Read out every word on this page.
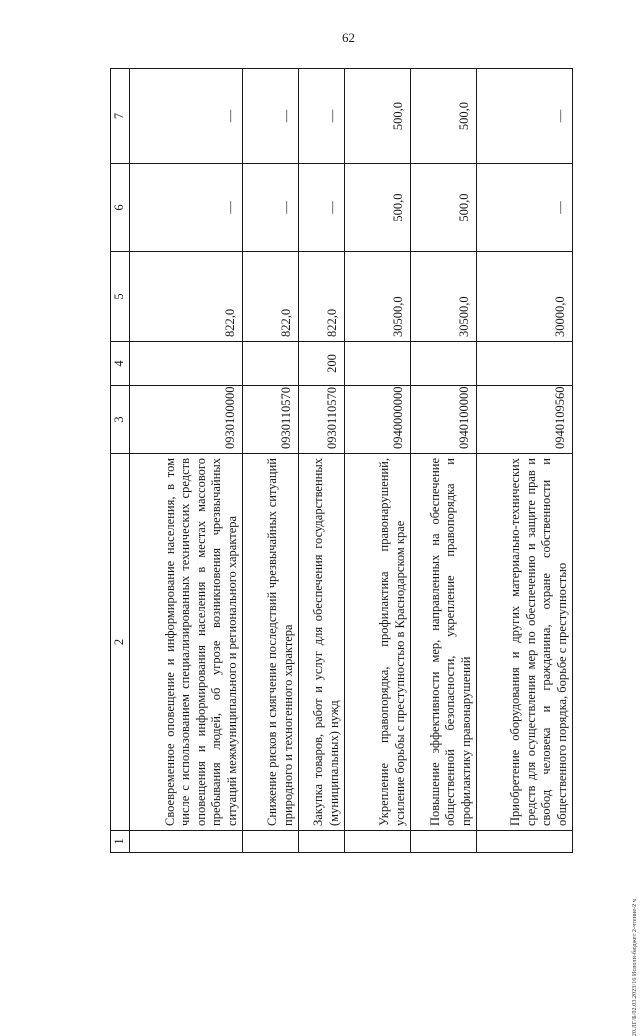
62
1	2	3	4	5	6	7
	Своевременное оповещение и информирование населения, в том числе с использованием специализированных технических средств оповещения и информирования населения в местах массового пребывания людей, об угрозе возникновения чрезвычайных ситуаций межмуниципального и регионального характера	0930100000		822,0	—	—
	Снижение рисков и смягчение последствий чрезвычайных ситуаций природного и техногенного характера	0930110570		822,0	—	—
	Закупка товаров, работ и услуг для обеспечения государственных (муниципальных) нужд	0930110570	200	822,0	—	—
	Укрепление правопорядка, профилактика правонарушений, усиление борьбы с преступностью в Краснодарском крае	0940000000		30500,0	500,0	500,0
	Повышение эффективности мер, направленных на обеспечение общественной безопасности, укрепление правопорядка и профилактику правонарушений	0940100000		30500,0	500,0	500,0
	Приобретение оборудования и других материально-технических средств для осуществления мер по обеспечению и защите прав и свобод человека и гражданина, охране собственности и общественного порядка, борьбе с преступностью	0940109560		30000,0	—	—
20.ЛГ/Б/02.03.2023/16 Исполн-бюджет 2-чтение-2 ч
